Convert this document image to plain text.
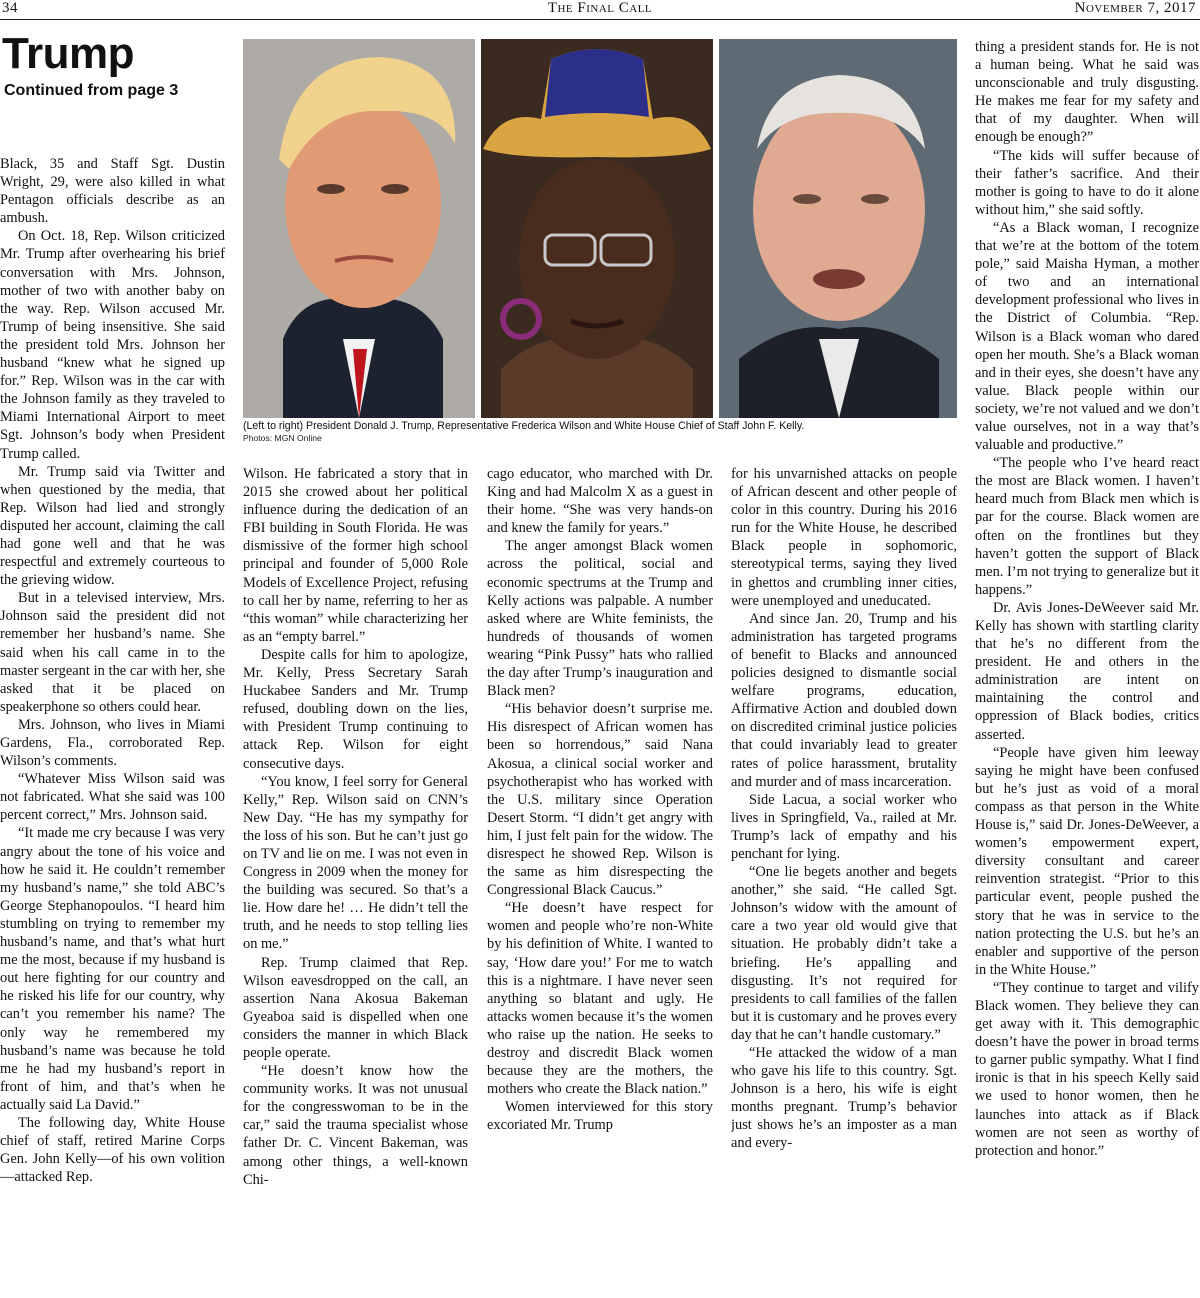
34	The Final Call	November 7, 2017
Trump
Continued from page 3
(Left to right) President Donald J. Trump, Representative Frederica Wilson and White House Chief of Staff John F. Kelly.
Photos: MGN Online

Black, 35 and Staff Sgt. Dustin Wright, 29, were also killed in what Pentagon officials describe as an ambush.

On Oct. 18, Rep. Wilson criticized Mr. Trump after overhearing his brief conversation with Mrs. Johnson, mother of two with another baby on the way. Rep. Wilson accused Mr. Trump of being insensitive. She said the president told Mrs. Johnson her husband “knew what he signed up for.” Rep. Wilson was in the car with the Johnson family as they traveled to Miami International Airport to meet Sgt. Johnson’s body when President Trump called.

Mr. Trump said via Twitter and when questioned by the media, that Rep. Wilson had lied and strongly disputed her account, claiming the call had gone well and that he was respectful and extremely courteous to the grieving widow.

But in a televised interview, Mrs. Johnson said the president did not remember her husband’s name. She said when his call came in to the master sergeant in the car with her, she asked that it be placed on speakerphone so others could hear.

Mrs. Johnson, who lives in Miami Gardens, Fla., corroborated Rep. Wilson’s comments.

“Whatever Miss Wilson said was not fabricated. What she said was 100 percent correct,” Mrs. Johnson said.

“It made me cry because I was very angry about the tone of his voice and how he said it. He couldn’t remember my husband’s name,” she told ABC’s George Stephanopoulos. “I heard him stumbling on trying to remember my husband’s name, and that’s what hurt me the most, because if my husband is out here fighting for our country and he risked his life for our country, why can’t you remember his name? The only way he remembered my husband’s name was because he told me he had my husband’s report in front of him, and that’s when he actually said La David.”

The following day, White House chief of staff, retired Marine Corps Gen. John Kelly—of his own volition—attacked Rep.

Wilson. He fabricated a story that in 2015 she crowed about her political influence during the dedication of an FBI building in South Florida. He was dismissive of the former high school principal and founder of 5,000 Role Models of Excellence Project, refusing to call her by name, referring to her as “this woman” while characterizing her as an “empty barrel.”

Despite calls for him to apologize, Mr. Kelly, Press Secretary Sarah Huckabee Sanders and Mr. Trump refused, doubling down on the lies, with President Trump continuing to attack Rep. Wilson for eight consecutive days.

“You know, I feel sorry for General Kelly,” Rep. Wilson said on CNN’s New Day. “He has my sympathy for the loss of his son. But he can’t just go on TV and lie on me. I was not even in Congress in 2009 when the money for the building was secured. So that’s a lie. How dare he! … He didn’t tell the truth, and he needs to stop telling lies on me.”

Rep. Trump claimed that Rep. Wilson eavesdropped on the call, an assertion Nana Akosua Bakeman Gyeaboa said is dispelled when one considers the manner in which Black people operate.

“He doesn’t know how the community works. It was not unusual for the congresswoman to be in the car,” said the trauma specialist whose father Dr. C. Vincent Bakeman, was among other things, a well-known Chi-

cago educator, who marched with Dr. King and had Malcolm X as a guest in their home. “She was very hands-on and knew the family for years.”

The anger amongst Black women across the political, social and economic spectrums at the Trump and Kelly actions was palpable. A number asked where are White feminists, the hundreds of thousands of women wearing “Pink Pussy” hats who rallied the day after Trump’s inauguration and Black men?

“His behavior doesn’t surprise me. His disrespect of African women has been so horrendous,” said Nana Akosua, a clinical social worker and psychotherapist who has worked with the U.S. military since Operation Desert Storm. “I didn’t get angry with him, I just felt pain for the widow. The disrespect he showed Rep. Wilson is the same as him disrespecting the Congressional Black Caucus.”

“He doesn’t have respect for women and people who’re non-White by his definition of White. I wanted to say, ‘How dare you!’ For me to watch this is a nightmare. I have never seen anything so blatant and ugly. He attacks women because it’s the women who raise up the nation. He seeks to destroy and discredit Black women because they are the mothers, the mothers who create the Black nation.”

Women interviewed for this story excoriated Mr. Trump

for his unvarnished attacks on people of African descent and other people of color in this country. During his 2016 run for the White House, he described Black people in sophomoric, stereotypical terms, saying they lived in ghettos and crumbling inner cities, were unemployed and uneducated.

And since Jan. 20, Trump and his administration has targeted programs of benefit to Blacks and announced policies designed to dismantle social welfare programs, education, Affirmative Action and doubled down on discredited criminal justice policies that could invariably lead to greater rates of police harassment, brutality and murder and of mass incarceration.

Side Lacua, a social worker who lives in Springfield, Va., railed at Mr. Trump’s lack of empathy and his penchant for lying.

“One lie begets another and begets another,” she said. “He called Sgt. Johnson’s widow with the amount of care a two year old would give that situation. He probably didn’t take a briefing. He’s appalling and disgusting. It’s not required for presidents to call families of the fallen but it is customary and he proves every day that he can’t handle customary.”

“He attacked the widow of a man who gave his life to this country. Sgt. Johnson is a hero, his wife is eight months pregnant. Trump’s behavior just shows he’s an imposter as a man and every-

thing a president stands for. He is not a human being. What he said was unconscionable and truly disgusting. He makes me fear for my safety and that of my daughter. When will enough be enough?”

“The kids will suffer because of their father’s sacrifice. And their mother is going to have to do it alone without him,” she said softly.

“As a Black woman, I recognize that we’re at the bottom of the totem pole,” said Maisha Hyman, a mother of two and an international development professional who lives in the District of Columbia. “Rep. Wilson is a Black woman who dared open her mouth. She’s a Black woman and in their eyes, she doesn’t have any value. Black people within our society, we’re not valued and we don’t value ourselves, not in a way that’s valuable and productive.”

“The people who I’ve heard react the most are Black women. I haven’t heard much from Black men which is par for the course. Black women are often on the frontlines but they haven’t gotten the support of Black men. I’m not trying to generalize but it happens.”

Dr. Avis Jones-DeWeever said Mr. Kelly has shown with startling clarity that he’s no different from the president. He and others in the administration are intent on maintaining the control and oppression of Black bodies, critics asserted.

“People have given him leeway saying he might have been confused but he’s just as void of a moral compass as that person in the White House is,” said Dr. Jones-DeWeever, a women’s empowerment expert, diversity consultant and career reinvention strategist. “Prior to this particular event, people pushed the story that he was in service to the nation protecting the U.S. but he’s an enabler and supportive of the person in the White House.”

“They continue to target and vilify Black women. They believe they can get away with it. This demographic doesn’t have the power in broad terms to garner public sympathy. What I find ironic is that in his speech Kelly said we used to honor women, then he launches into attack as if Black women are not seen as worthy of protection and honor.”
